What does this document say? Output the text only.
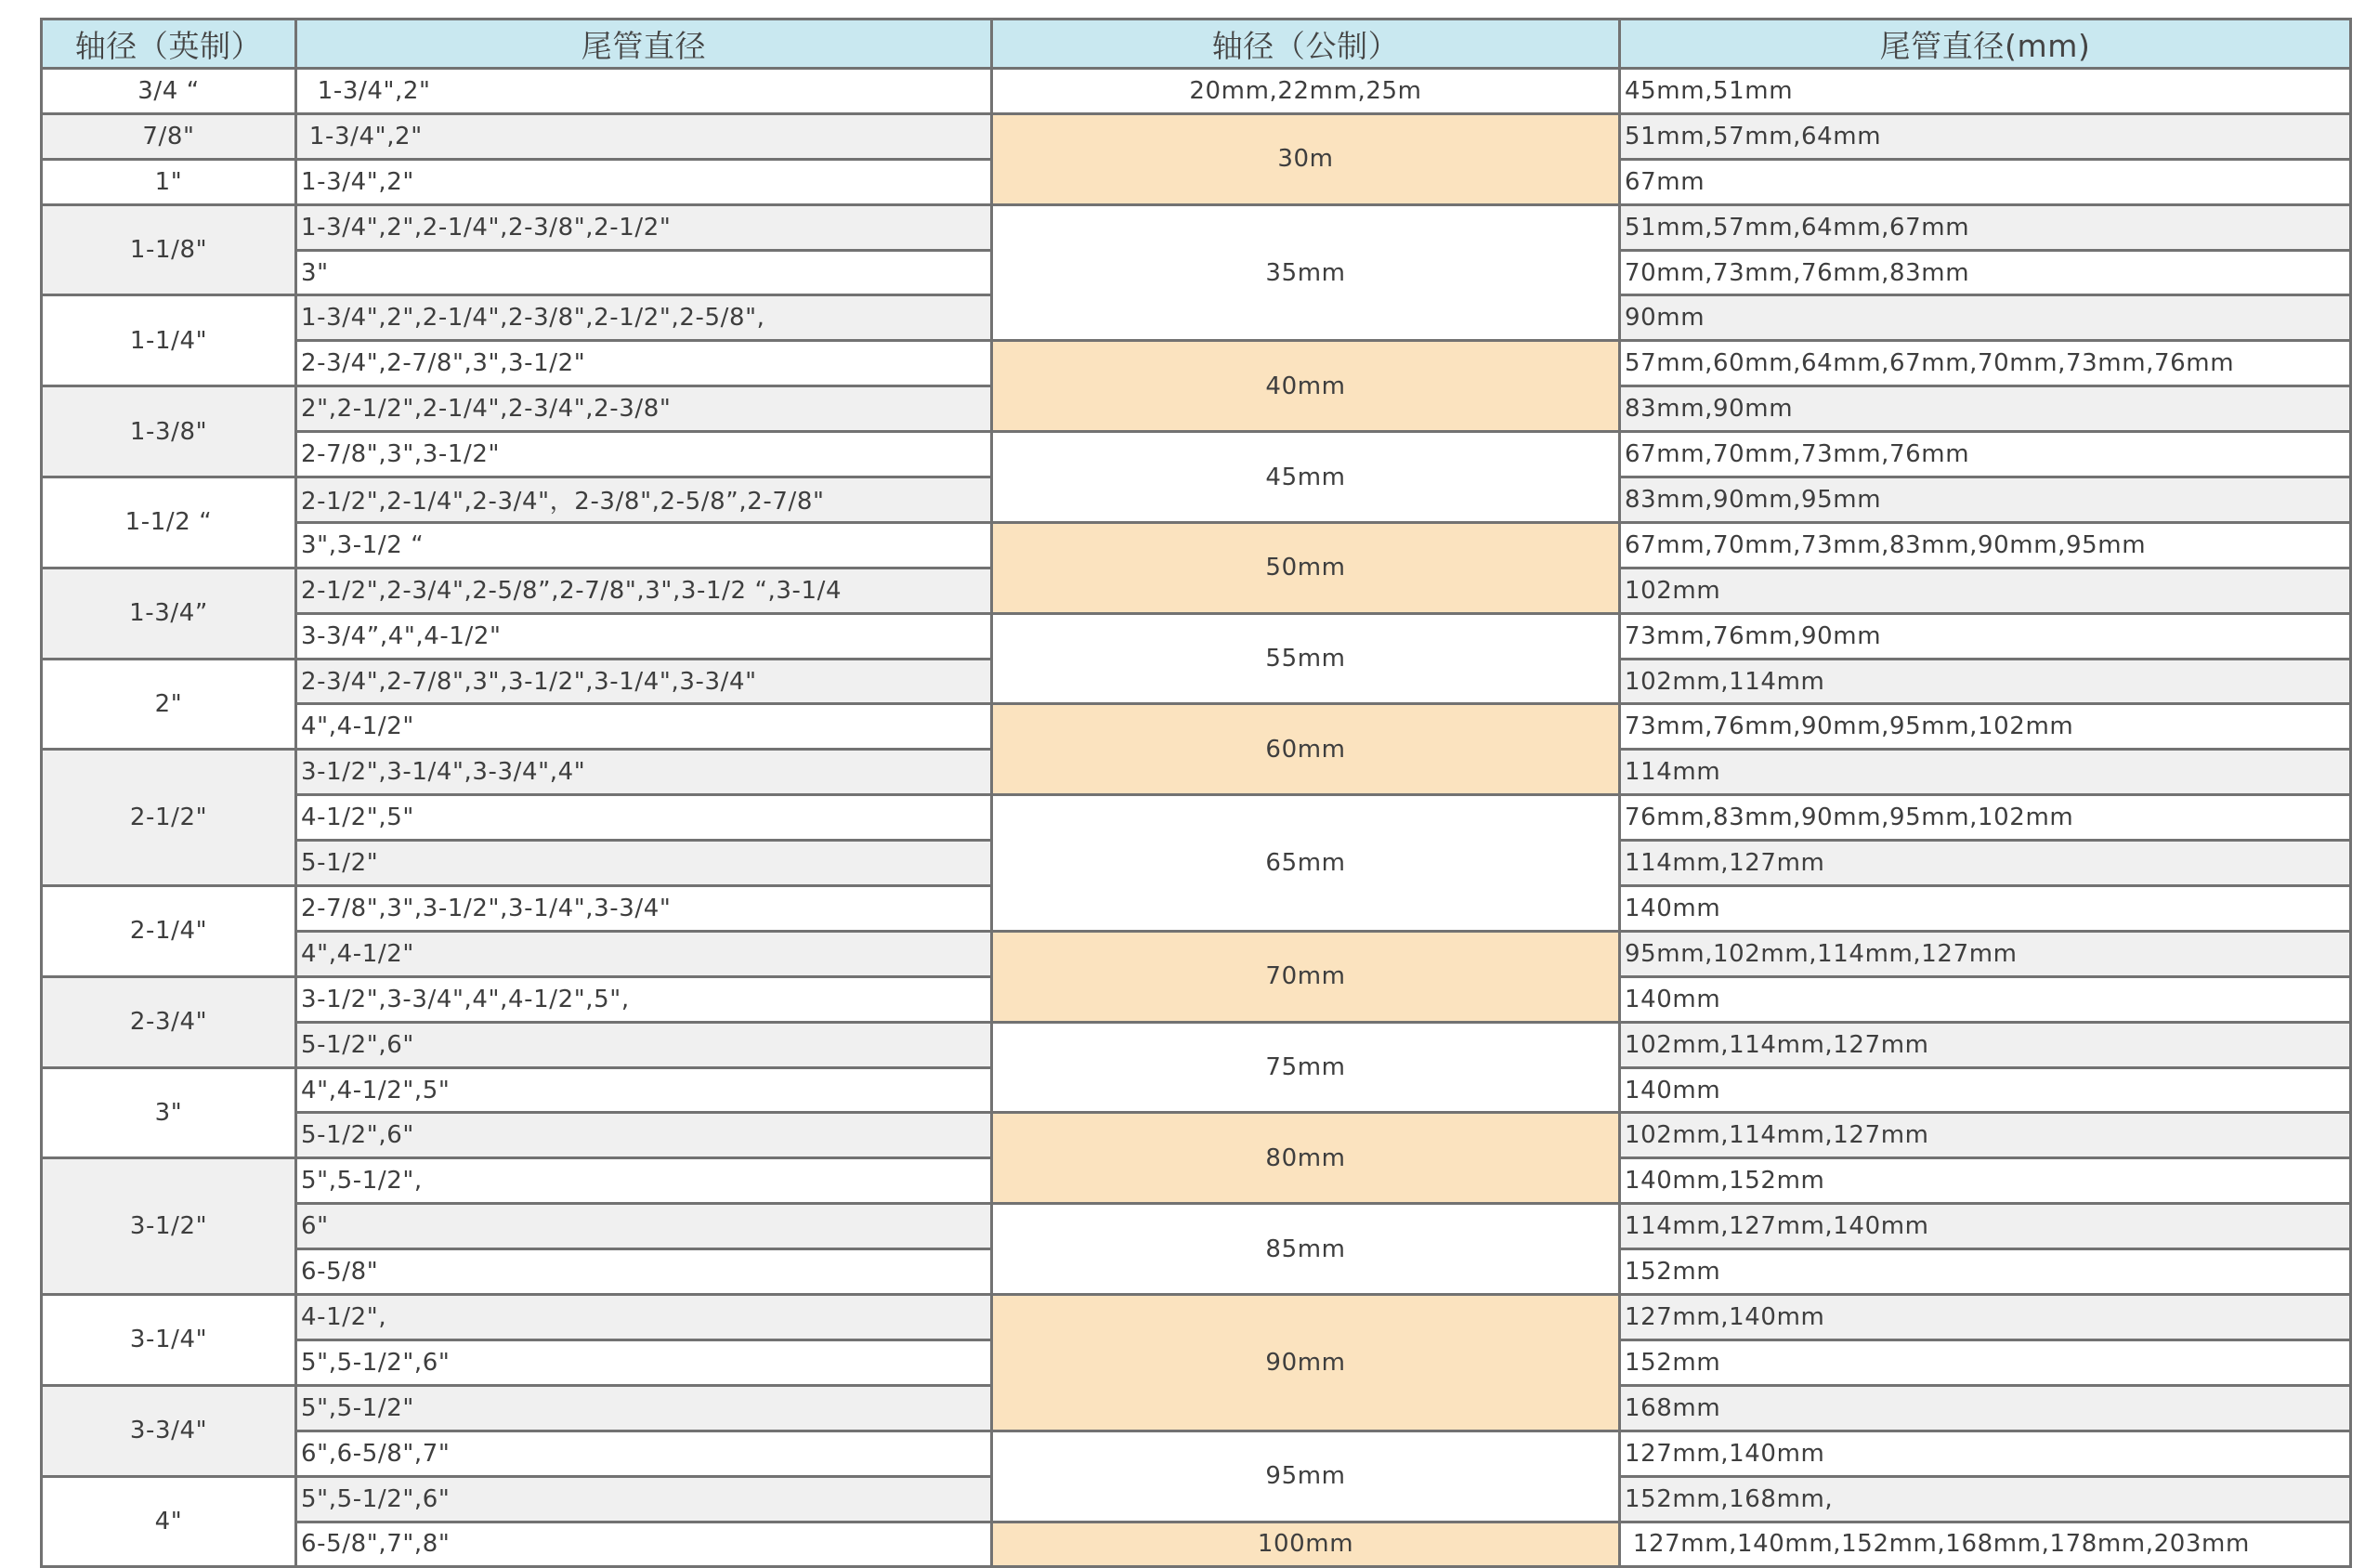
轴径（英制）	尾管直径	轴径（公制）	尾管直径(mm)
3/4 “	1-3/4",2"	20mm,22mm,25m	45mm,51mm
7/8"	1-3/4",2"	30m	51mm,57mm,64mm
1"	1-3/4",2"		67mm
1-1/8"	1-3/4",2",2-1/4",2-3/8",2-1/2"	35mm	51mm,57mm,64mm,67mm
	3"		70mm,73mm,76mm,83mm
1-1/4"	1-3/4",2",2-1/4",2-3/8",2-1/2",2-5/8",		90mm
	2-3/4",2-7/8",3",3-1/2"	40mm	57mm,60mm,64mm,67mm,70mm,73mm,76mm
1-3/8"	2",2-1/2",2-1/4",2-3/4",2-3/8"		83mm,90mm
	2-7/8",3",3-1/2"	45mm	67mm,70mm,73mm,76mm
1-1/2 “	2-1/2",2-1/4",2-3/4"，2-3/8",2-5/8”,2-7/8"		83mm,90mm,95mm
	3",3-1/2 “	50mm	67mm,70mm,73mm,83mm,90mm,95mm
1-3/4”	2-1/2",2-3/4",2-5/8”,2-7/8",3",3-1/2 “,3-1/4		102mm
	3-3/4”,4",4-1/2"	55mm	73mm,76mm,90mm
2"	2-3/4",2-7/8",3",3-1/2",3-1/4",3-3/4"		102mm,114mm
	4",4-1/2"	60mm	73mm,76mm,90mm,95mm,102mm
2-1/2"	3-1/2",3-1/4",3-3/4",4"		114mm
	4-1/2",5"	65mm	76mm,83mm,90mm,95mm,102mm
	5-1/2"		114mm,127mm
2-1/4"	2-7/8",3",3-1/2",3-1/4",3-3/4"		140mm
	4",4-1/2"	70mm	95mm,102mm,114mm,127mm
2-3/4"	3-1/2",3-3/4",4",4-1/2",5",		140mm
	5-1/2",6"	75mm	102mm,114mm,127mm
3"	4",4-1/2",5"		140mm
	5-1/2",6"	80mm	102mm,114mm,127mm
3-1/2"	5",5-1/2",		140mm,152mm
	6"	85mm	114mm,127mm,140mm
	6-5/8"		152mm
3-1/4"	4-1/2",	90mm	127mm,140mm
	5",5-1/2",6"		152mm
3-3/4"	5",5-1/2"		168mm
	6",6-5/8",7"	95mm	127mm,140mm
4"	5",5-1/2",6"		152mm,168mm,
	6-5/8",7",8"	100mm	127mm,140mm,152mm,168mm,178mm,203mm
